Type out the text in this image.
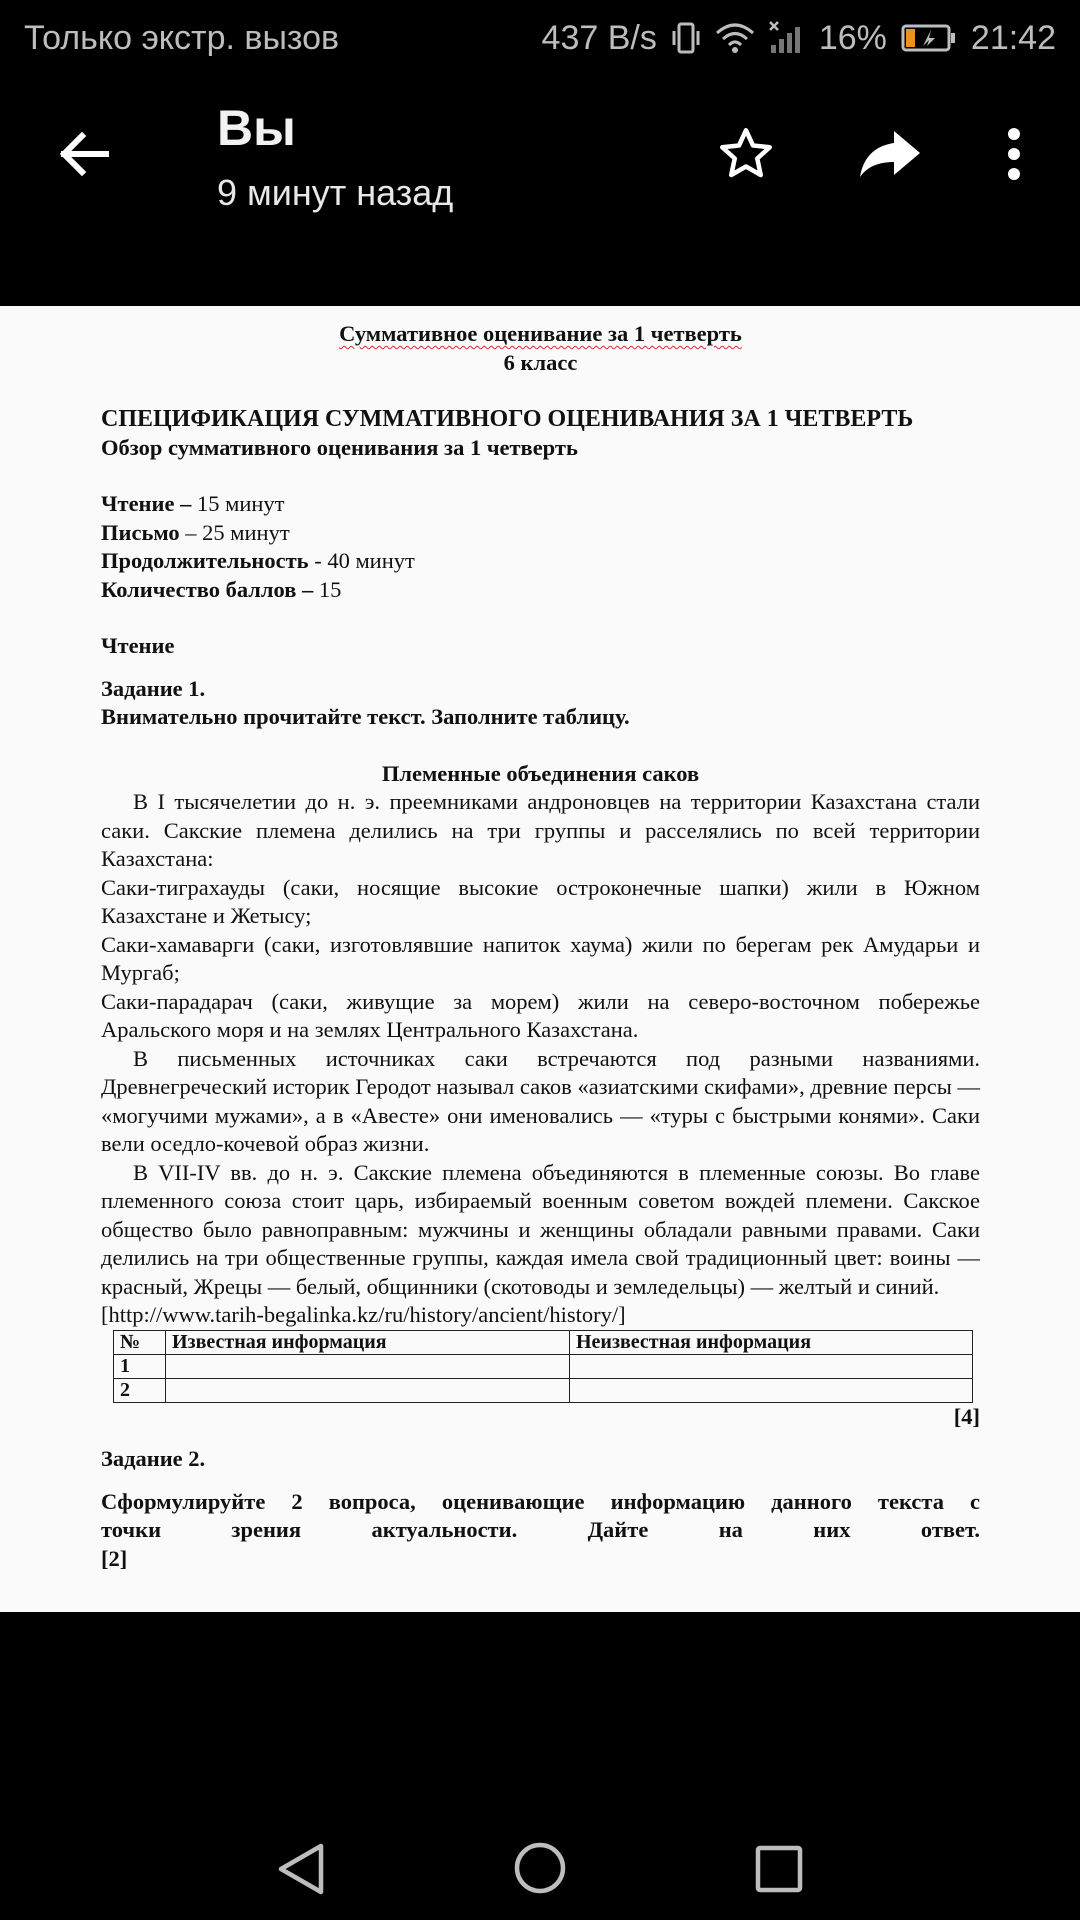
Только экстр. вызов	437 B/s	16% 21:42
Вы
9 минут назад
Суммативное оценивание за 1 четверть
6 класс
СПЕЦИФИКАЦИЯ СУММАТИВНОГО ОЦЕНИВАНИЯ ЗА 1 ЧЕТВЕРТЬ
Обзор суммативного оценивания за 1 четверть
Чтение – 15 минут
Письмо – 25 минут
Продолжительность - 40 минут
Количество баллов – 15
Чтение
Задание 1.
Внимательно прочитайте текст. Заполните таблицу.
Племенные объединения саков
В I тысячелетии до н. э. преемниками андроновцев на территории Казахстана стали саки. Сакские племена делились на три группы и расселялись по всей территории Казахстана:
Саки-тиграхауды (саки, носящие высокие остроконечные шапки) жили в Южном Казахстане и Жетысу;
Саки-хамаварги (саки, изготовлявшие напиток хаума) жили по берегам рек Амударьи и Мургаб;
Саки-парадарач (саки, живущие за морем) жили на северо-восточном побережье Аральского моря и на землях Центрального Казахстана.
В письменных источниках саки встречаются под разными названиями. Древнегреческий историк Геродот называл саков «азиатскими скифами», древние персы — «могучими мужами», а в «Авесте» они именовались — «туры с быстрыми конями». Саки вели оседло-кочевой образ жизни.
В VII-IV вв. до н. э. Сакские племена объединяются в племенные союзы. Во главе племенного союза стоит царь, избираемый военным советом вождей племени. Сакское общество было равноправным: мужчины и женщины обладали равными правами. Саки делились на три общественные группы, каждая имела свой традиционный цвет: воины — красный, Жрецы — белый, общинники (скотоводы и земледельцы) — желтый и синий.
[http://www.tarih-begalinka.kz/ru/history/ancient/history/]
№	Известная информация	Неизвестная информация
1		
2		
[4]
Задание 2.
Сформулируйте 2 вопроса, оценивающие информацию данного текста с
точки зрения актуальности. Дайте на них ответ.
[2]
